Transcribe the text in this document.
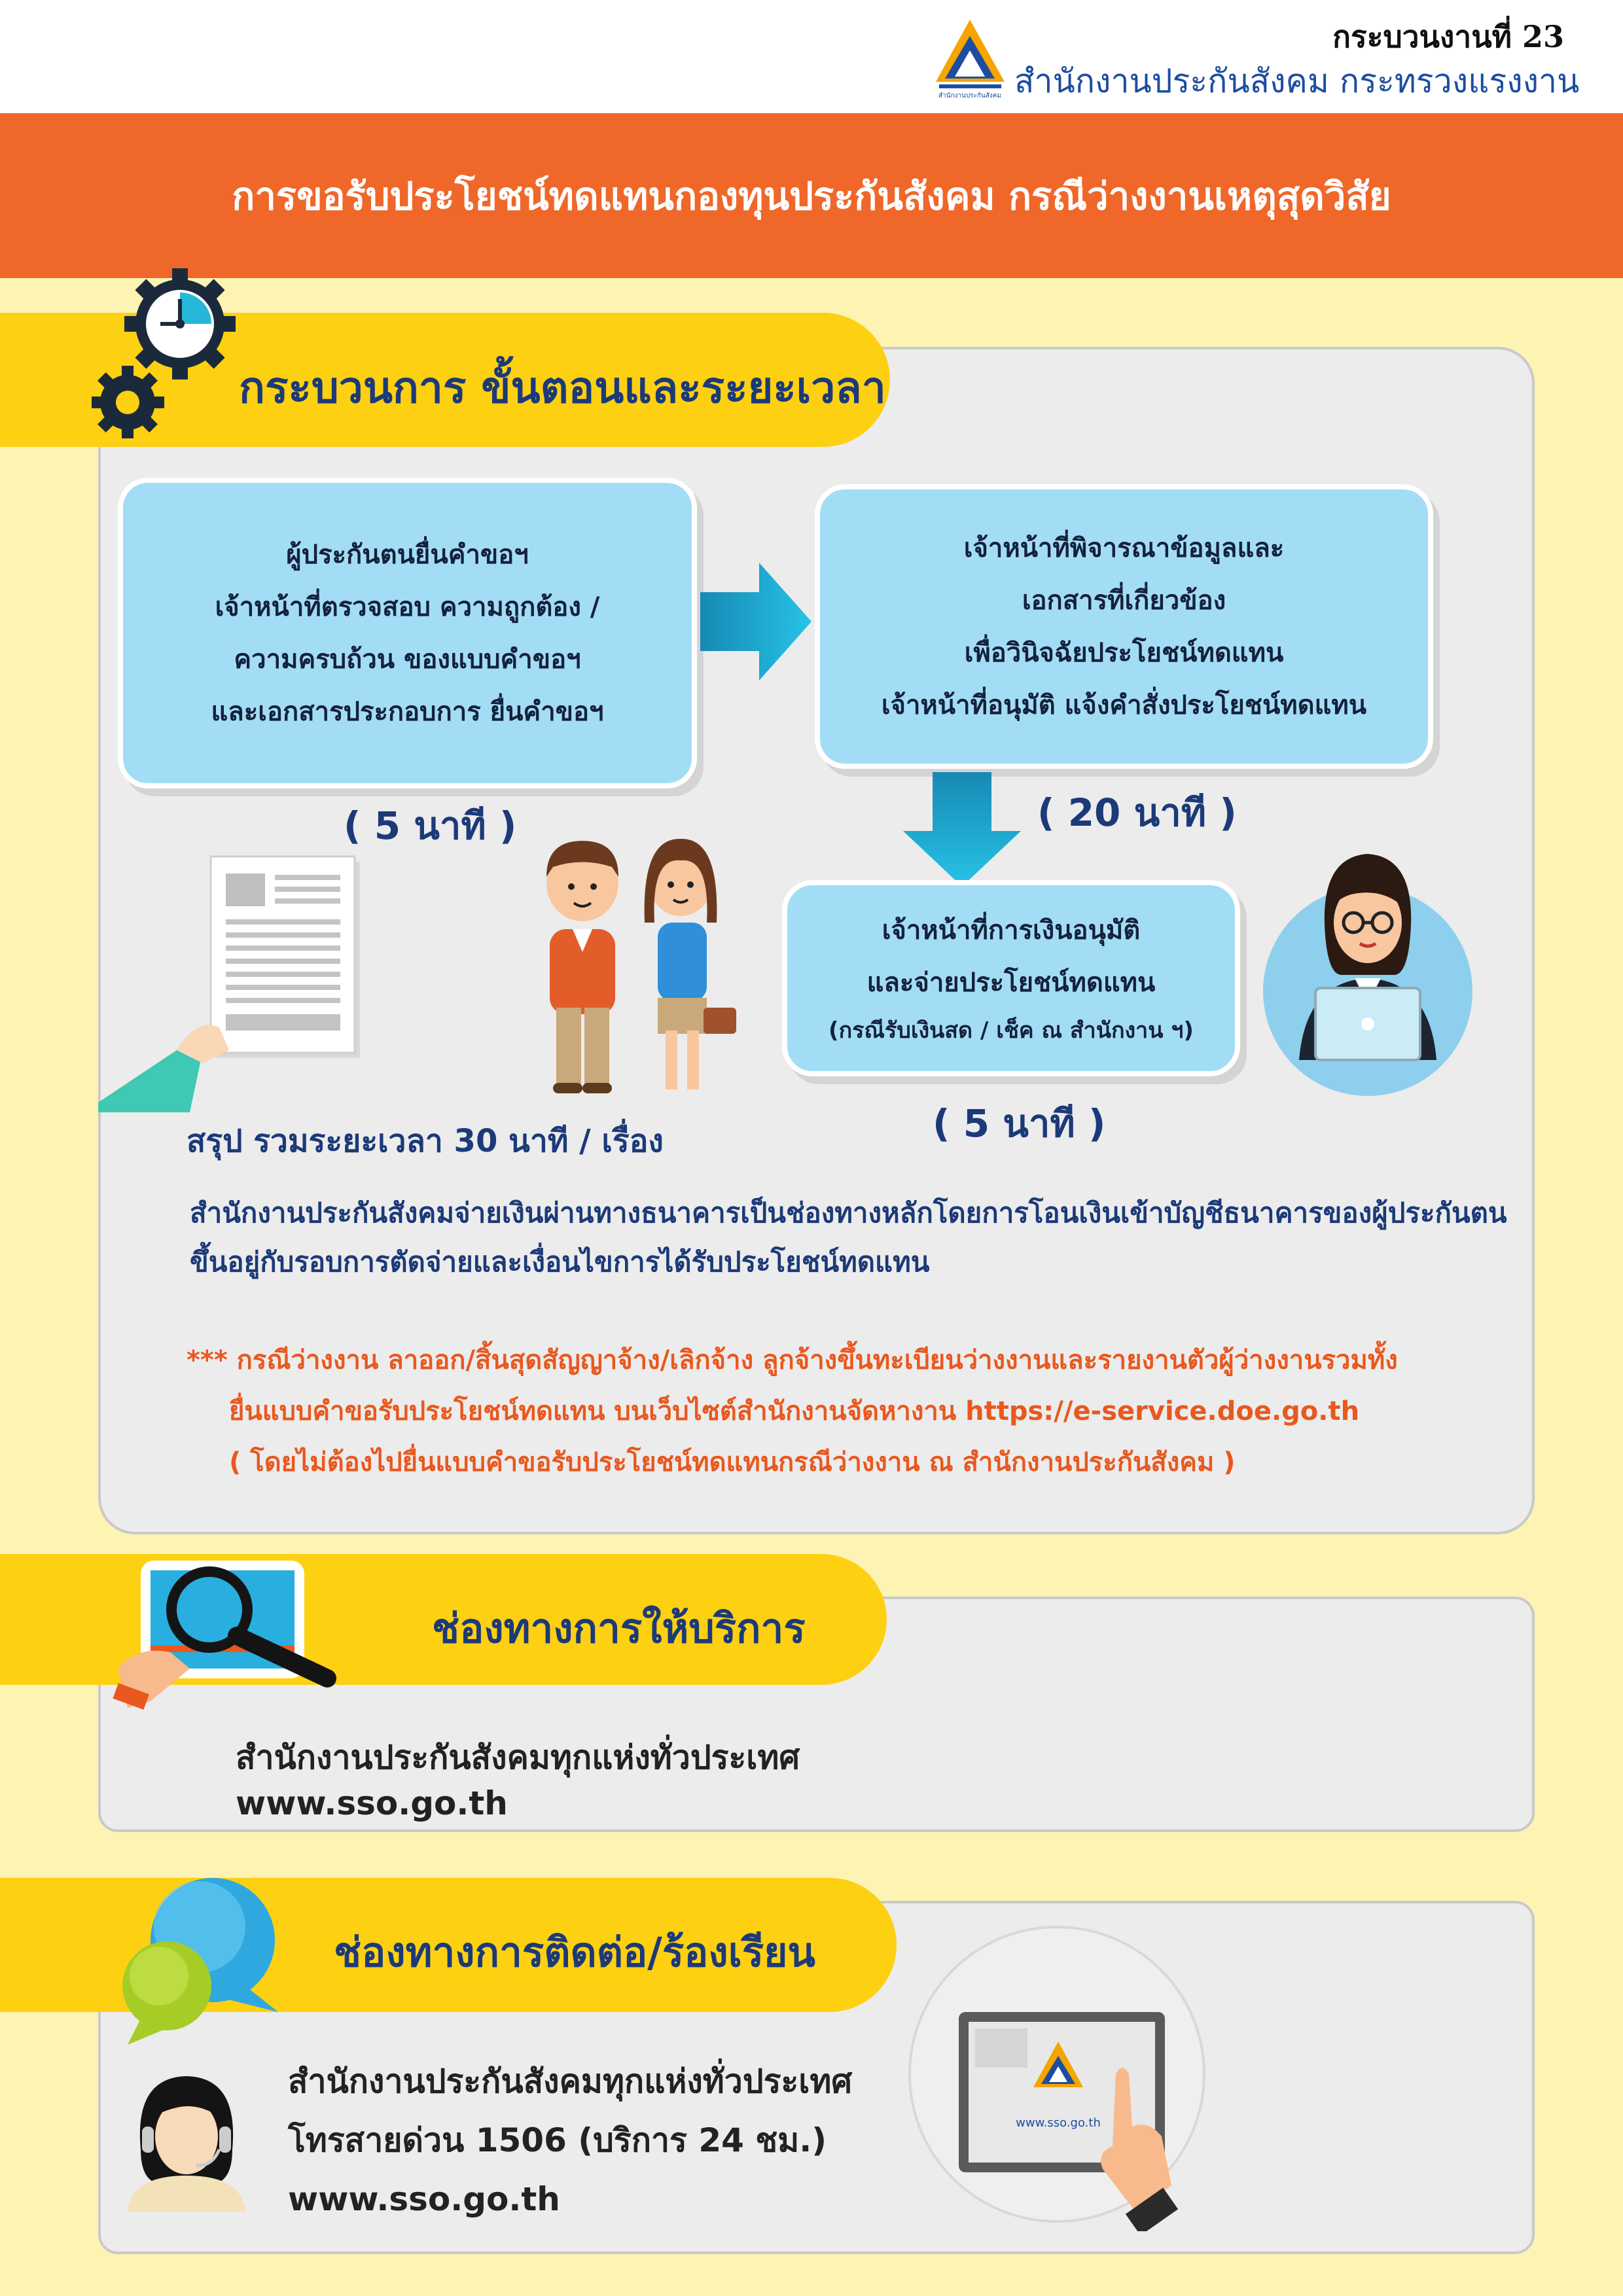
กระบวนงานที่ 23
สำนักงานประกันสังคม สำนักงานประกันสังคม กระทรวงแรงงาน
การขอรับประโยชน์ทดแทนกองทุนประกันสังคม กรณีว่างงานเหตุสุดวิสัย
กระบวนการ ขั้นตอนและระยะเวลา
ผู้ประกันตนยื่นคำขอฯ
เจ้าหน้าที่ตรวจสอบ ความถูกต้อง /
ความครบถ้วน ของแบบคำขอฯ
และเอกสารประกอบการ ยื่นคำขอฯ
เจ้าหน้าที่พิจารณาข้อมูลและ
เอกสารที่เกี่ยวข้อง
เพื่อวินิจฉัยประโยชน์ทดแทน
เจ้าหน้าที่อนุมัติ แจ้งคำสั่งประโยชน์ทดแทน
( 5 นาที )	( 20 นาที )
เจ้าหน้าที่การเงินอนุมัติ
และจ่ายประโยชน์ทดแทน
(กรณีรับเงินสด / เช็ค ณ สำนักงาน ฯ)
( 5 นาที )
สรุป รวมระยะเวลา 30 นาที / เรื่อง
สำนักงานประกันสังคมจ่ายเงินผ่านทางธนาคารเป็นช่องทางหลักโดยการโอนเงินเข้าบัญชีธนาคารของผู้ประกันตน
ขึ้นอยู่กับรอบการตัดจ่ายและเงื่อนไขการได้รับประโยชน์ทดแทน
*** กรณีว่างงาน ลาออก/สิ้นสุดสัญญาจ้าง/เลิกจ้าง ลูกจ้างขึ้นทะเบียนว่างงานและรายงานตัวผู้ว่างงานรวมทั้ง
ยื่นแบบคำขอรับประโยชน์ทดแทน บนเว็บไซต์สำนักงานจัดหางาน https://e-service.doe.go.th
( โดยไม่ต้องไปยื่นแบบคำขอรับประโยชน์ทดแทนกรณีว่างงาน ณ สำนักงานประกันสังคม )
ช่องทางการให้บริการ
สำนักงานประกันสังคมทุกแห่งทั่วประเทศ
www.sso.go.th
ช่องทางการติดต่อ/ร้องเรียน
สำนักงานประกันสังคมทุกแห่งทั่วประเทศ
โทรสายด่วน 1506 (บริการ 24 ชม.)
www.sso.go.th
www.sso.go.th
